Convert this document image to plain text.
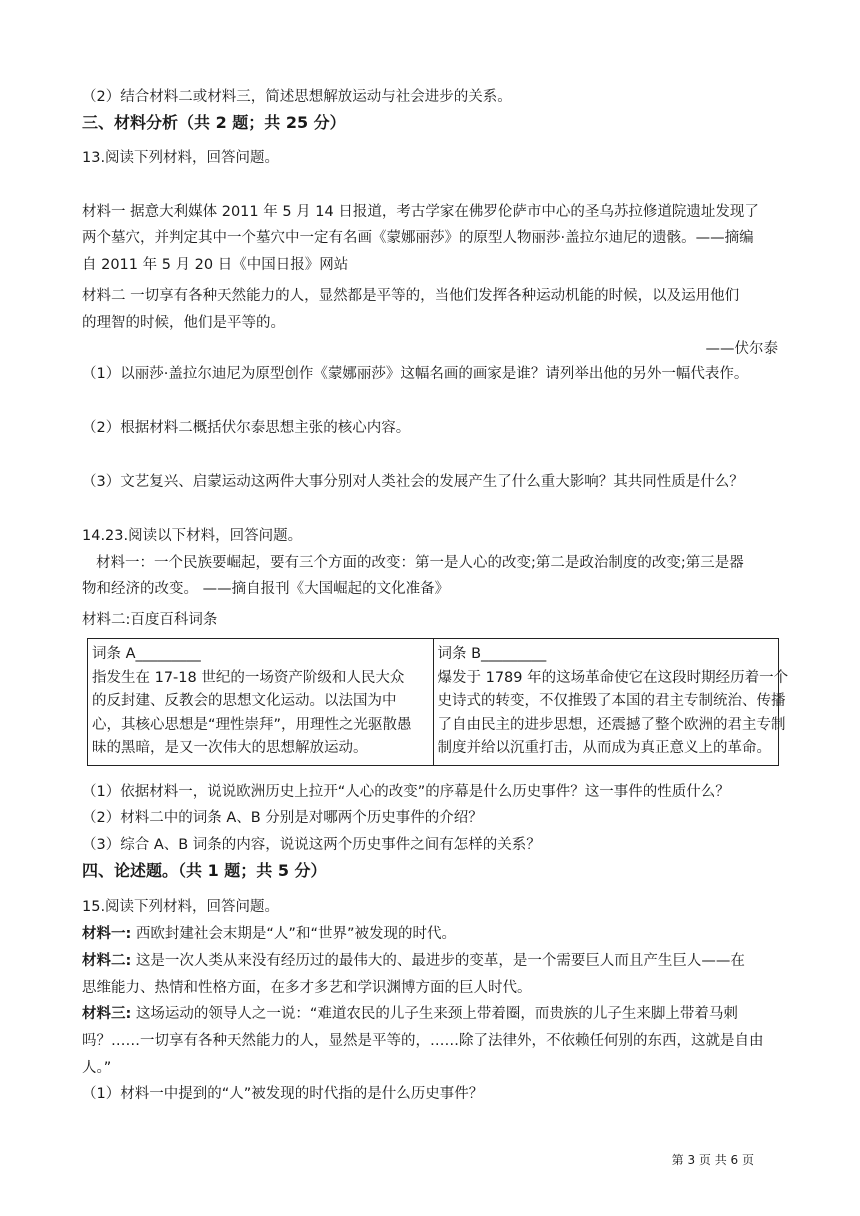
（2）结合材料二或材料三，简述思想解放运动与社会进步的关系。
三、材料分析（共 2 题；共 25 分）
13.阅读下列材料，回答问题。
材料一 据意大利媒体 2011 年 5 月 14 日报道，考古学家在佛罗伦萨市中心的圣乌苏拉修道院遗址发现了
两个墓穴，并判定其中一个墓穴中一定有名画《蒙娜丽莎》的原型人物丽莎·盖拉尔迪尼的遗骸。——摘编
自 2011 年 5 月 20 日《中国日报》网站
材料二 一切享有各种天然能力的人，显然都是平等的，当他们发挥各种运动机能的时候，以及运用他们
的理智的时候，他们是平等的。
——伏尔泰
（1）以丽莎·盖拉尔迪尼为原型创作《蒙娜丽莎》这幅名画的画家是谁？请列举出他的另外一幅代表作。
（2）根据材料二概括伏尔泰思想主张的核心内容。
（3）文艺复兴、启蒙运动这两件大事分别对人类社会的发展产生了什么重大影响？其共同性质是什么？
14.23.阅读以下材料，回答问题。
材料一：一个民族要崛起，要有三个方面的改变：第一是人心的改变;第二是政治制度的改变;第三是器
物和经济的改变。 ——摘自报刊《大国崛起的文化准备》
材料二:百度百科词条
词条 A_________
指发生在 17-18 世纪的一场资产阶级和人民大众
的反封建、反教会的思想文化运动。以法国为中
心，其核心思想是“理性崇拜”，用理性之光驱散愚
昧的黑暗，是又一次伟大的思想解放运动。

词条 B_________
爆发于 1789 年的这场革命使它在这段时期经历着一个
史诗式的转变，不仅推毁了本国的君主专制统治、传播
了自由民主的进步思想，还震撼了整个欧洲的君主专制
制度并给以沉重打击，从而成为真正意义上的革命。
（1）依据材料一，说说欧洲历史上拉开“人心的改变”的序幕是什么历史事件？这一事件的性质什么？
（2）材料二中的词条 A、B 分别是对哪两个历史事件的介绍？
（3）综合 A、B 词条的内容，说说这两个历史事件之间有怎样的关系？
四、论述题。（共 1 题；共 5 分）
15.阅读下列材料，回答问题。
材料一: 西欧封建社会末期是“人”和“世界”被发现的时代。
材料二: 这是一次人类从来没有经历过的最伟大的、最进步的变革，是一个需要巨人而且产生巨人——在
思维能力、热情和性格方面，在多才多艺和学识渊博方面的巨人时代。
材料三: 这场运动的领导人之一说：“难道农民的儿子生来颈上带着圈，而贵族的儿子生来脚上带着马刺
吗？……一切享有各种天然能力的人，显然是平等的，……除了法律外，不依赖任何别的东西，这就是自由
人。”
（1）材料一中提到的“人”被发现的时代指的是什么历史事件？
第 3 页 共 6 页
